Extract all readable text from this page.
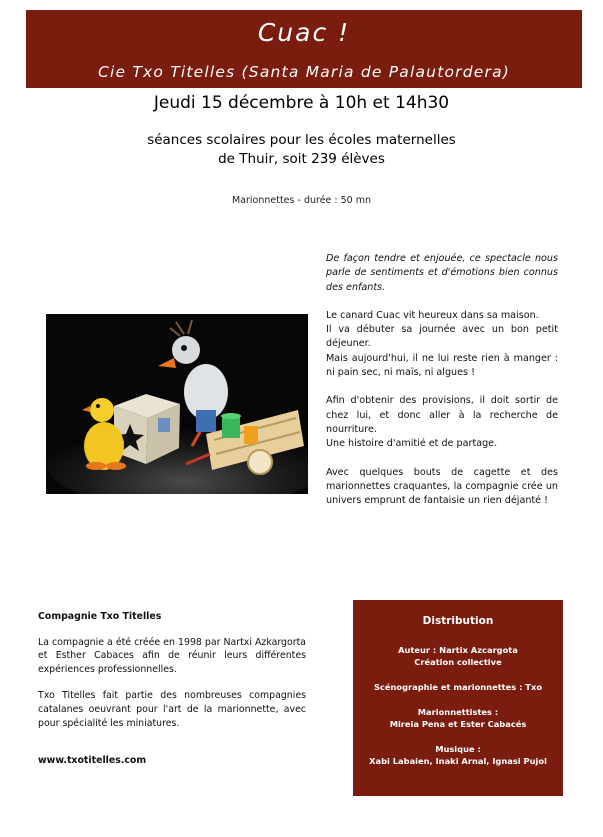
Cuac !
Cie Txo Titelles (Santa Maria de Palautordera)
Jeudi 15 décembre à 10h et 14h30
séances scolaires pour les écoles maternelles
de Thuir, soit 239 élèves
Marionnettes - durée : 50 mn

De façon tendre et enjouée, ce spectacle nous parle de sentiments et d'émotions bien connus des enfants.

Le canard Cuac vit heureux dans sa maison.
Il va débuter sa journée avec un bon petit déjeuner.
Mais aujourd'hui, il ne lui reste rien à manger : ni pain sec, ni maïs, ni algues !

Afin d'obtenir des provisions, il doit sortir de chez lui, et donc aller à la recherche de nourriture.
Une histoire d'amitié et de partage.

Avec quelques bouts de cagette et des marionnettes craquantes, la compagnie crée un univers emprunt de fantaisie un rien déjanté !

Compagnie Txo Titelles

La compagnie a été créée en 1998 par Nartxi Azkargorta et Esther Cabaces afin de réunir leurs différentes expériences professionnelles.

Txo Titelles fait partie des nombreuses compagnies catalanes oeuvrant pour l'art de la marionnette, avec pour spécialité les miniatures.

www.txotitelles.com
Distribution
Auteur : Nartix Azcargota
Création collective
Scénographie et marionnettes : Txo
Marionnettistes :
Mireia Pena et Ester Cabacés
Musique :
Xabi Labaien, Inaki Arnal, Ignasi Pujol
